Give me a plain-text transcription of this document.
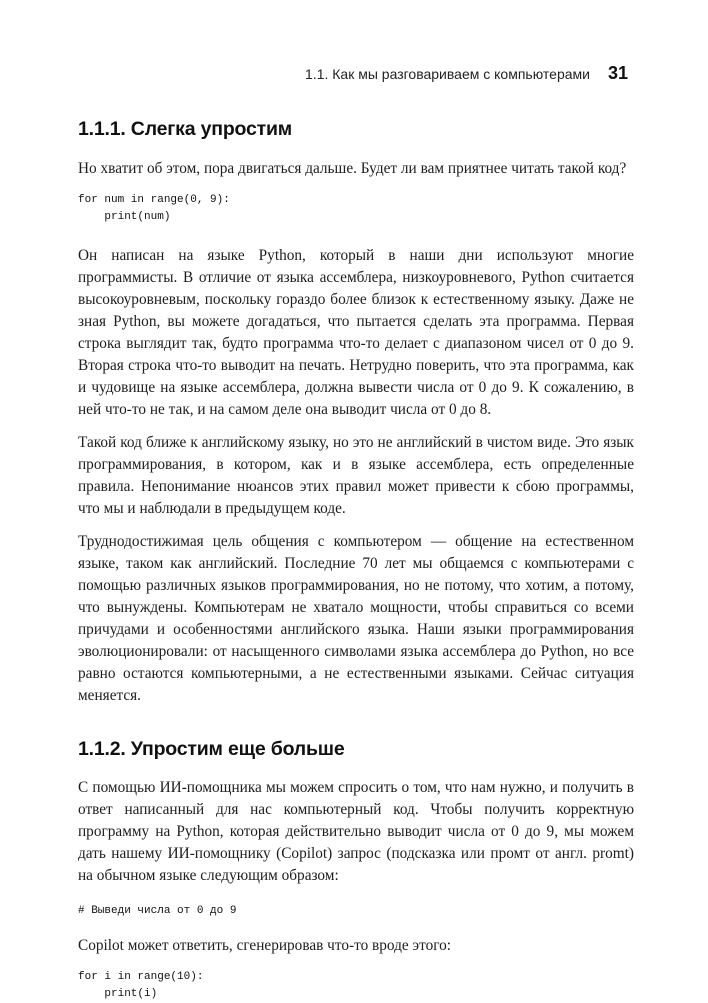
1.1. Как мы разговариваем с компьютерами 31
1.1.1. Слегка упростим

Но хватит об этом, пора двигаться дальше. Будет ли вам приятнее читать такой код?

for num in range(0, 9):
print(num)

Он написан на языке Python, который в наши дни используют многие программисты. В отличие от языка ассемблера, низкоуровневого, Python считается высокоуровневым, поскольку гораздо более близок к естественному языку. Даже не зная Python, вы можете догадаться, что пытается сделать эта программа. Первая строка выглядит так, будто программа что-то делает с диапазоном чисел от 0 до 9. Вторая строка что-то выводит на печать. Нетрудно поверить, что эта программа, как и чудовище на языке ассемблера, должна вывести числа от 0 до 9. К сожалению, в ней что-то не так, и на самом деле она выводит числа от 0 до 8.

Такой код ближе к английскому языку, но это не английский в чистом виде. Это язык программирования, в котором, как и в языке ассемблера, есть определенные правила. Непонимание нюансов этих правил может привести к сбою программы, что мы и наблюдали в предыдущем коде.

Труднодостижимая цель общения с компьютером — общение на естественном языке, таком как английский. Последние 70 лет мы общаемся с компьютерами с помощью различных языков программирования, но не потому, что хотим, а потому, что вынуждены. Компьютерам не хватало мощности, чтобы справиться со всеми причудами и особенностями английского языка. Наши языки программирования эволюционировали: от насыщенного символами языка ассемблера до Python, но все равно остаются компьютерными, а не естественными языками. Сейчас ситуация меняется.

1.1.2. Упростим еще больше

С помощью ИИ-помощника мы можем спросить о том, что нам нужно, и получить в ответ написанный для нас компьютерный код. Чтобы получить корректную программу на Python, которая действительно выводит числа от 0 до 9, мы можем дать нашему ИИ-помощнику (Copilot) запрос (подсказка или промт от англ. promt) на обычном языке следующим образом:

# Выведи числа от 0 до 9

Copilot может ответить, сгенерировав что-то вроде этого:

for i in range(10):
print(i)
